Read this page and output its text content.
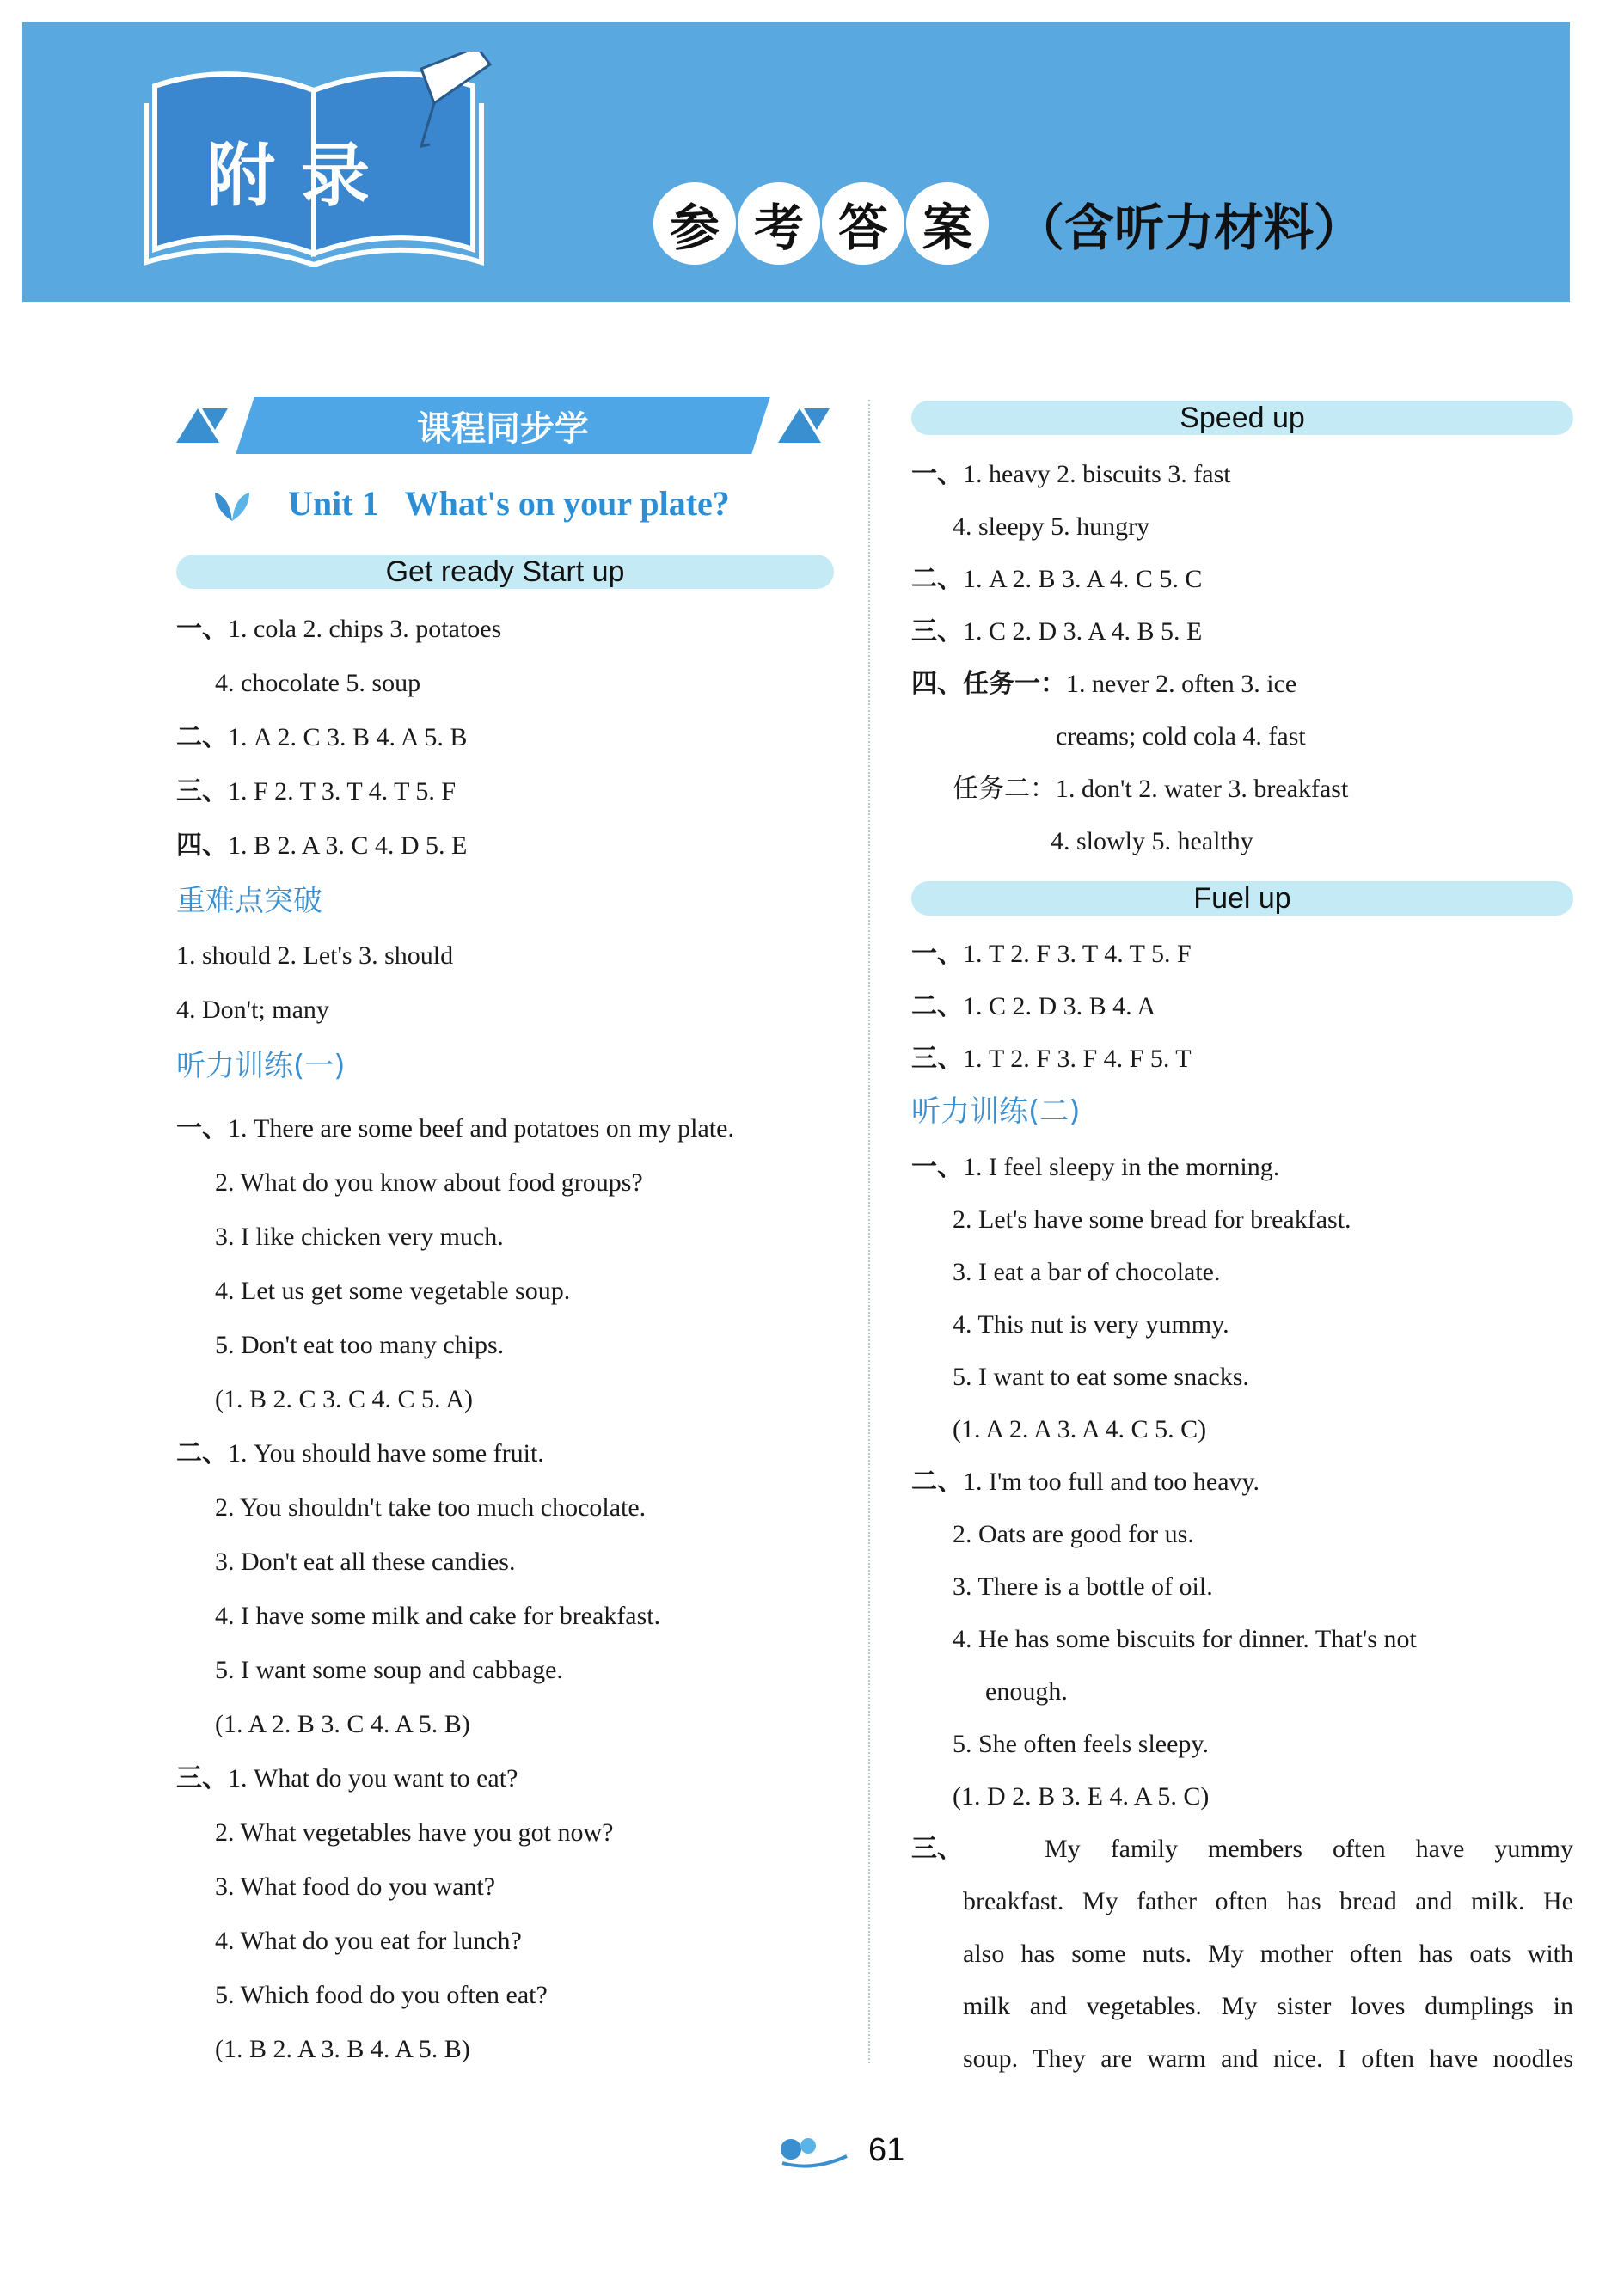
附录
参 考 答 案 （含听力材料）
课程同步学
Unit 1 What's on your plate?
Get ready Start up
一、1. cola 2. chips 3. potatoes
4. chocolate 5. soup
二、1. A 2. C 3. B 4. A 5. B
三、1. F 2. T 3. T 4. T 5. F
四、1. B 2. A 3. C 4. D 5. E
重难点突破
1. should 2. Let's 3. should
4. Don't; many
听力训练(一)
一、1. There are some beef and potatoes on my plate.
2. What do you know about food groups?
3. I like chicken very much.
4. Let us get some vegetable soup.
5. Don't eat too many chips.
(1. B 2. C 3. C 4. C 5. A)
二、1. You should have some fruit.
2. You shouldn't take too much chocolate.
3. Don't eat all these candies.
4. I have some milk and cake for breakfast.
5. I want some soup and cabbage.
(1. A 2. B 3. C 4. A 5. B)
三、1. What do you want to eat?
2. What vegetables have you got now?
3. What food do you want?
4. What do you eat for lunch?
5. Which food do you often eat?
(1. B 2. A 3. B 4. A 5. B)
Speed up
一、1. heavy 2. biscuits 3. fast
4. sleepy 5. hungry
二、1. A 2. B 3. A 4. C 5. C
三、1. C 2. D 3. A 4. B 5. E
四、任务一：1. never 2. often 3. ice
creams; cold cola 4. fast
任务二：1. don't 2. water 3. breakfast
4. slowly 5. healthy
Fuel up
一、1. T 2. F 3. T 4. T 5. F
二、1. C 2. D 3. B 4. A
三、1. T 2. F 3. F 4. F 5. T
听力训练(二)
一、1. I feel sleepy in the morning.
2. Let's have some bread for breakfast.
3. I eat a bar of chocolate.
4. This nut is very yummy.
5. I want to eat some snacks.
(1. A 2. A 3. A 4. C 5. C)
二、1. I'm too full and too heavy.
2. Oats are good for us.
3. There is a bottle of oil.
4. He has some biscuits for dinner. That's not
enough.
5. She often feels sleepy.
(1. D 2. B 3. E 4. A 5. C)
三、	My family members often have yummy
breakfast. My father often has bread and milk. He
also has some nuts. My mother often has oats with
milk and vegetables. My sister loves dumplings in
soup. They are warm and nice. I often have noodles
61
